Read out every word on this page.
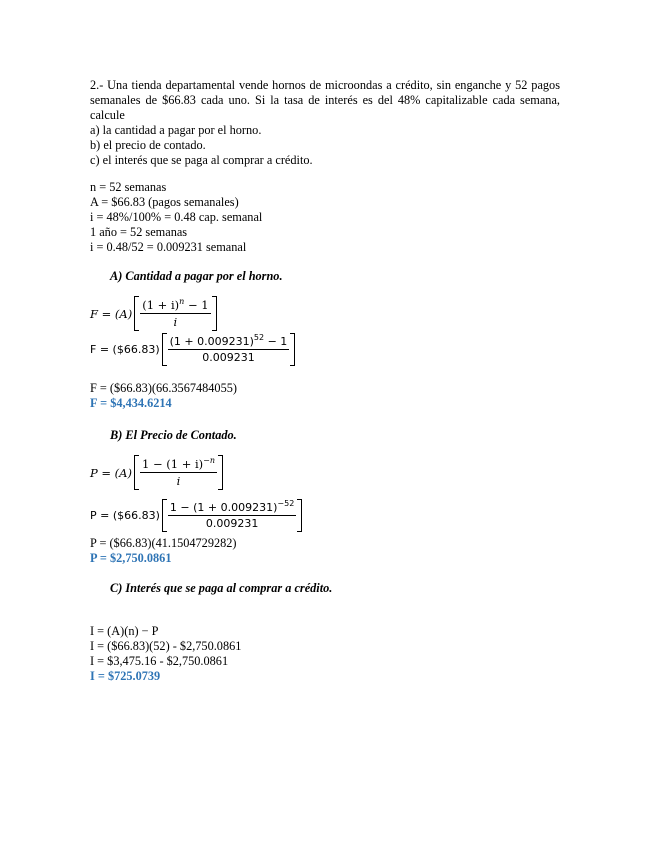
2.- Una tienda departamental vende hornos de microondas a crédito, sin enganche y 52 pagos
semanales de $66.83 cada uno. Si la tasa de interés es del 48% capitalizable cada semana,
calcule
a) la cantidad a pagar por el horno.
b) el precio de contado.
c) el interés que se paga al comprar a crédito.
n = 52 semanas
A = $66.83 (pagos semanales)
i = 48%/100% = 0.48 cap. semanal
1 año = 52 semanas
i = 0.48/52 = 0.009231 semanal
A) Cantidad a pagar por el horno.
$F = (A) \frac{(1 + i)^n - 1}{i}$
F = ($66.83) $\frac{(1 + 0.009231)^{52} - 1}{0.009231}$
F = ($66.83)(66.3567484055)
F = $4,434.6214
B) El Precio de Contado.
$P = (A) \frac{1 - (1 + i)^{-n}}{i}$
P = ($66.83) $\frac{1 - (1 + 0.009231)^{-52}}{0.009231}$
P = ($66.83)(41.1504729282)
P = $2,750.0861
C) Interés que se paga al comprar a crédito.
I = (A)(n) − P
I = ($66.83)(52) - $2,750.0861
I = $3,475.16 - $2,750.0861
I = $725.0739
